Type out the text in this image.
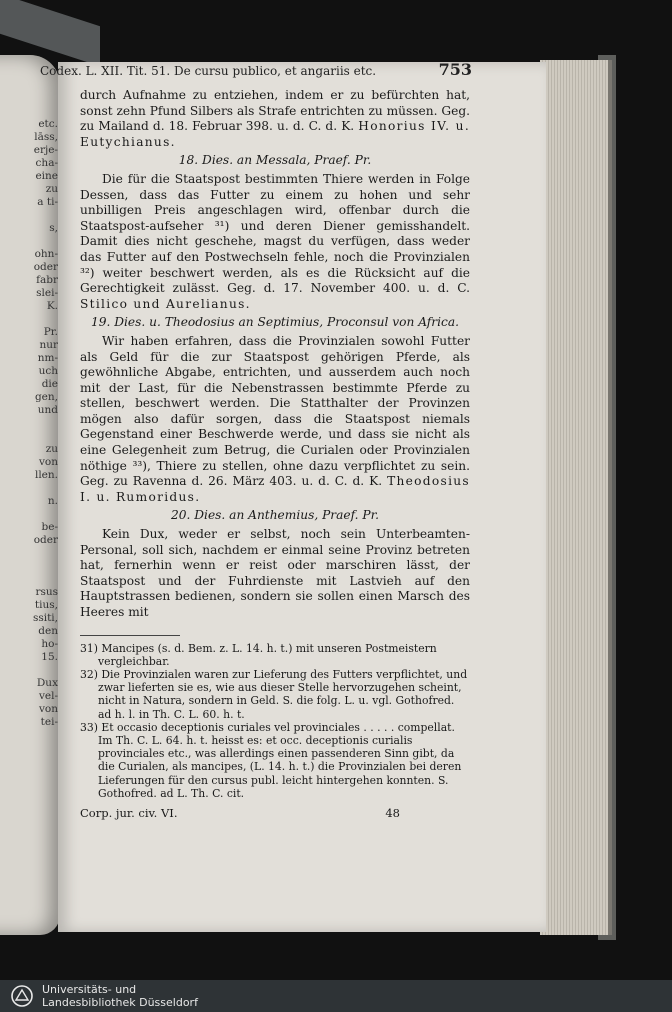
etc.
lāss,
erje-
cha-
eine
zu
a ti-
s,
ohn-
oder
fabr
slei-
K.
Pr.
nur
nm-
uch
die
gen,
und
zu
von
llen.
n.
be-
oder
rsus
tius,
ssiti,
den
ho-
15.
Dux
vel-
von
tei-
Codex. L. XII. Tit. 51. De cursu publico, et angariis etc.	753

durch Aufnahme zu entziehen, indem er zu befürchten hat, sonst zehn Pfund Silbers als Strafe entrichten zu müssen. Geg. zu Mailand d. 18. Februar 398. u. d. C. d. K. Honorius IV. u. Eutychianus.

18. Dies. an Messala, Praef. Pr.

Die für die Staatspost bestimmten Thiere werden in Folge Dessen, dass das Futter zu einem zu hohen und sehr unbilligen Preis angeschlagen wird, offenbar durch die Staatspost-aufseher ³¹) und deren Diener gemisshandelt. Damit dies nicht geschehe, magst du verfügen, dass weder das Futter auf den Postwechseln fehle, noch die Provinzialen ³²) weiter beschwert werden, als es die Rücksicht auf die Gerechtigkeit zulässt. Geg. d. 17. November 400. u. d. C. Stilico und Aurelianus.

19. Dies. u. Theodosius an Septimius, Proconsul von Africa.

Wir haben erfahren, dass die Provinzialen sowohl Futter als Geld für die zur Staatspost gehörigen Pferde, als gewöhnliche Abgabe, entrichten, und ausserdem auch noch mit der Last, für die Nebenstrassen bestimmte Pferde zu stellen, beschwert werden. Die Statthalter der Provinzen mögen also dafür sorgen, dass die Staatspost niemals Gegenstand einer Beschwerde werde, und dass sie nicht als eine Gelegenheit zum Betrug, die Curialen oder Provinzialen nöthige ³³), Thiere zu stellen, ohne dazu verpflichtet zu sein. Geg. zu Ravenna d. 26. März 403. u. d. C. d. K. Theodosius I. u. Rumoridus.

20. Dies. an Anthemius, Praef. Pr.

Kein Dux, weder er selbst, noch sein Unterbeamten-Personal, soll sich, nachdem er einmal seine Provinz betreten hat, fernerhin wenn er reist oder marschiren lässt, der Staatspost und der Fuhrdienste mit Lastvieh auf den Hauptstrassen bedienen, sondern sie sollen einen Marsch des Heeres mit

31) Mancipes (s. d. Bem. z. L. 14. h. t.) mit unseren Postmeistern vergleichbar.
32) Die Provinzialen waren zur Lieferung des Futters verpflichtet, und zwar lieferten sie es, wie aus dieser Stelle hervorzugehen scheint, nicht in Natura, sondern in Geld. S. die folg. L. u. vgl. Gothofred. ad h. l. in Th. C. L. 60. h. t.
33) Et occasio deceptionis curiales vel provinciales . . . . . compellat. Im Th. C. L. 64. h. t. heisst es: et occ. deceptionis curialis provinciales etc., was allerdings einen passenderen Sinn gibt, da die Curialen, als mancipes, (L. 14. h. t.) die Provinzialen bei deren Lieferungen für den cursus publ. leicht hintergehen konnten. S. Gothofred. ad L. Th. C. cit.
Corp. jur. civ. VI.	48
Universitäts- und
Landesbibliothek Düsseldorf
